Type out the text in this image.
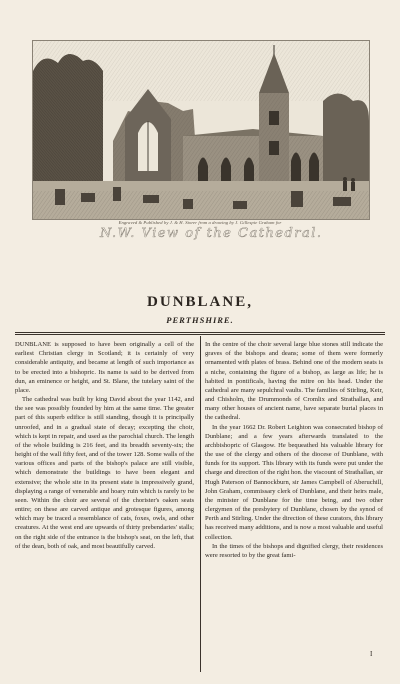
Engraved & Published by J. & H. Storer from a drawing by J. Gillespie Graham for
N.W. View of the Cathedral.
DUNBLANE,
PERTHSHIRE.

DUNBLANE is supposed to have been originally a cell of the earliest Christian clergy in Scotland; it is certainly of very considerable antiquity, and became at length of such importance as to be erected into a bishopric. Its name is said to be derived from dun, an eminence or height, and St. Blane, the tutelary saint of the place.

The cathedral was built by king David about the year 1142, and the see was possibly founded by him at the same time. The greater part of this superb edifice is still standing, though it is principally unroofed, and in a gradual state of decay; excepting the choir, which is kept in repair, and used as the parochial church. The length of the whole building is 216 feet, and its breadth seventy-six; the height of the wall fifty feet, and of the tower 128. Some walls of the various offices and parts of the bishop's palace are still visible, which demonstrate the buildings to have been elegant and extensive; the whole site in its present state is impressively grand, displaying a range of venerable and hoary ruin which is rarely to be seen. Within the choir are several of the chorister's oaken seats entire; on these are carved antique and grotesque figures, among which may be traced a resemblance of cats, foxes, owls, and other creatures. At the west end are upwards of thirty prebendaries' stalls; on the right side of the entrance is the bishop's seat, on the left, that of the dean, both of oak, and most beautifully carved.

In the centre of the choir several large blue stones still indicate the graves of the bishops and deans; some of them were formerly ornamented with plates of brass. Behind one of the modern seats is a niche, containing the figure of a bishop, as large as life; he is habited in pontificals, having the mitre on his head. Under the cathedral are many sepulchral vaults. The families of Stirling, Keir, and Chisholm, the Drummonds of Cromlix and Strathallan, and many other houses of ancient name, have separate burial places in the cathedral.

In the year 1662 Dr. Robert Leighton was consecrated bishop of Dunblane; and a few years afterwards translated to the archbishopric of Glasgow. He bequeathed his valuable library for the use of the clergy and others of the diocese of Dunblane, with funds for its support. This library with its funds were put under the charge and direction of the right hon. the viscount of Strathallan, sir Hugh Paterson of Bannockburn, sir James Campbell of Aberuchill, John Graham, commissary clerk of Dunblane, and their heirs male, the minister of Dunblane for the time being, and two other clergymen of the presbytery of Dunblane, chosen by the synod of Perth and Stirling. Under the direction of these curators, this library has received many additions, and is now a most valuable and useful collection.

In the times of the bishops and dignified clergy, their residences were resorted to by the great fami-

I
